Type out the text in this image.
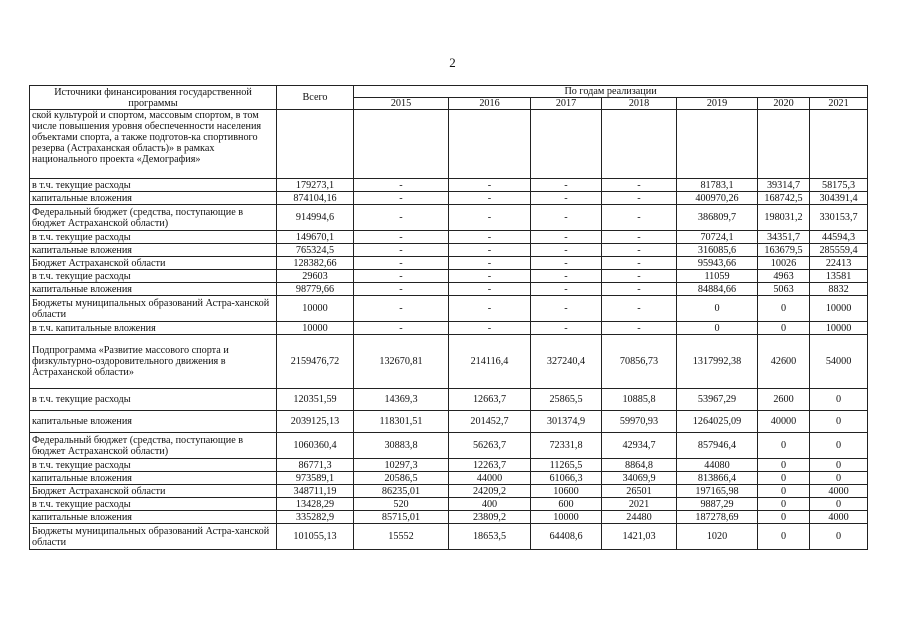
2
Источники финансирования государственной программы	Всего	По годам реализации						
		2015	2016	2017	2018	2019	2020	2021
ской культурой и спортом, массовым спортом, в том числе повышения уровня обеспеченности населения объектами спорта, а также подготов-ка спортивного резерва (Астраханская область)» в рамках национального проекта «Демография»								
в т.ч. текущие расходы	179273,1	-	-	-	-	81783,1	39314,7	58175,3
капитальные вложения	874104,16	-	-	-	-	400970,26	168742,5	304391,4
Федеральный бюджет (средства, поступающие в бюджет Астраханской области)	914994,6	-	-	-	-	386809,7	198031,2	330153,7
в т.ч. текущие расходы	149670,1	-	-	-	-	70724,1	34351,7	44594,3
капитальные вложения	765324,5	-	-	-	-	316085,6	163679,5	285559,4
Бюджет Астраханской области	128382,66	-	-	-	-	95943,66	10026	22413
в т.ч. текущие расходы	29603	-	-	-	-	11059	4963	13581
капитальные вложения	98779,66	-	-	-	-	84884,66	5063	8832
Бюджеты муниципальных образований Астра-ханской области	10000	-	-	-	-	0	0	10000
в т.ч. капитальные вложения	10000	-	-	-	-	0	0	10000
Подпрограмма «Развитие массового спорта и физкультурно-оздоровительного движения в Астраханской области»	2159476,72	132670,81	214116,4	327240,4	70856,73	1317992,38	42600	54000
в т.ч. текущие расходы	120351,59	14369,3	12663,7	25865,5	10885,8	53967,29	2600	0
капитальные вложения	2039125,13	118301,51	201452,7	301374,9	59970,93	1264025,09	40000	0
Федеральный бюджет (средства, поступающие в бюджет Астраханской области)	1060360,4	30883,8	56263,7	72331,8	42934,7	857946,4	0	0
в т.ч. текущие расходы	86771,3	10297,3	12263,7	11265,5	8864,8	44080	0	0
капитальные вложения	973589,1	20586,5	44000	61066,3	34069,9	813866,4	0	0
Бюджет Астраханской области	348711,19	86235,01	24209,2	10600	26501	197165,98	0	4000
в т.ч. текущие расходы	13428,29	520	400	600	2021	9887,29	0	0
капитальные вложения	335282,9	85715,01	23809,2	10000	24480	187278,69	0	4000
Бюджеты муниципальных образований Астра-ханской области	101055,13	15552	18653,5	64408,6	1421,03	1020	0	0
